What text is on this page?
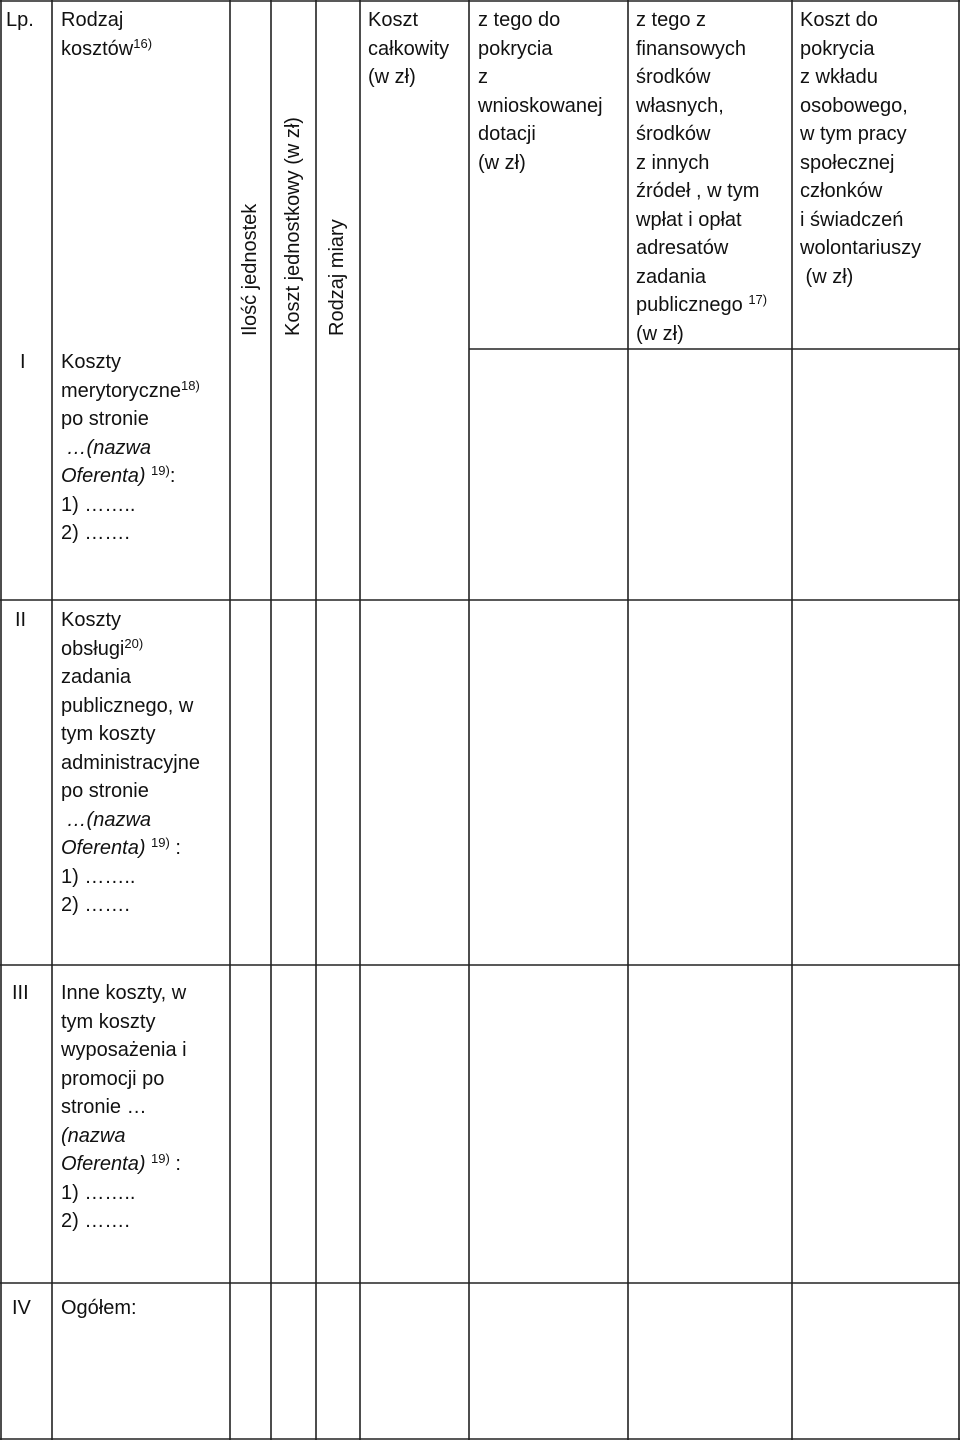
Lp. Rodzaj
kosztów$^{16)}$
Ilość jednostek Koszt jednostkowy (w zł) Rodzaj miary
Koszt
całkowity
(w zł)
z tego do
pokrycia
z
wnioskowanej
dotacji
(w zł)
z tego z
finansowych
środków
własnych,
środków
z innych
źródeł , w tym
wpłat i opłat
adresatów
zadania
publicznego $^{17)}$
(w zł)
Koszt do
pokrycia
z wkładu
osobowego,
w tym pracy
społecznej
członków
i świadczeń
wolontariuszy
(w zł)
I Koszty
merytoryczne$^{18)}$
po stronie
…(nazwa
Oferenta) $^{19)}$:
1) ……..
2) …….
II Koszty
obsługi$^{20)}$
zadania
publicznego, w
tym koszty
administracyjne
po stronie
…(nazwa
Oferenta) $^{19)}$ :
1) ……..
2) …….
III Inne koszty, w
tym koszty
wyposażenia i
promocji po
stronie …
(nazwa
Oferenta) $^{19)}$ :
1) ……..
2) …….
IV Ogółem:
